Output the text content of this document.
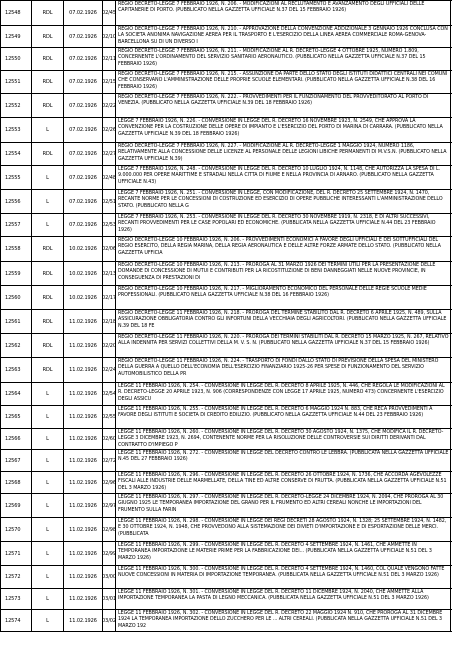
12548	RDL	07.02.1926	02/45
REGIO DECRETO-LEGGE 7 FEBBRAIO 1926, N. 206. - MODIFICAZIONI AL RECLUTAMENTO E AVANZAMENTO DEGLI UFFICIALI DELLE CAPITANERIE DI PORTO. (PUBBLICATO NELLA GAZZETTA UFFICIALE N.37 DEL 15 FEBBRAIO 1926)
12549	RDL	07.02.1926	02/10
REGIO DECRETO-LEGGE 7 FEBBRAIO 1926, N. 210. - APPROVAZIONE DELLA CONVENZIONE ADDIZIONALE 3 GENNAIO 1926 CONCLUSA CON LA SOCIETA ANONIMA NAVIGAZIONE AEREA PER IL TRASPORTO E L'ESERCIZIO DELLA LINEA AEREA COMMERCIALE ROMA-GENOVA-BARCELLONA SU DI UN DIVERSO I
12550	RDL	07.02.1926	02/11
REGIO DECRETO-LEGGE 7 FEBBRAIO 1926, N. 211. - MODIFICAZIONE AL R. DECRETO-LEGGE 4 OTTOBRE 1925, NUMERO 1.809, CONCERNENTE L'ORDINAMENTO DEL SERVIZIO SANITARIO AERONAUTICO. (PUBBLICATO NELLA GAZZETTA UFFICIALE N.37 DEL 15 FEBBRAIO 1926)
12551	RDL	07.02.1926	02/15
REGIO DECRETO-LEGGE 7 FEBBRAIO 1926, N. 215. - ASSUNZIONE DA PARTE DELLO STATO DEGLI ISTITUTI DIDATTICI CENTRALI NEI COMUNI CHE CONSERVANO L'AMMINISTRAZIONE DELLE PROPRIE SCUOLE ELEMENTARI. (PUBBLICATO NELLA GAZZETTA UFFICIALE N.38 DEL 16 FEBBRAIO 1926)
12552	RDL	07.02.1926	02/22
REGIO DECRETO-LEGGE 7 FEBBRAIO 1926, N. 222. - PROVVEDIMENTI PER IL FUNZIONAMENTO DEL PROVVEDITORATO AL PORTO DI VENEZIA. (PUBBLICATO NELLA GAZZETTA UFFICIALE N.39 DEL 18 FEBBRAIO 1926)
12553	L	07.02.1926	02/26
LEGGE 7 FEBBRAIO 1926, N. 226. - CONVERSIONE IN LEGGE DEL R. DECRETO 16 NOVEMBRE 1923, N. 2549, CHE APPROVA LA CONVENZIONE PER LA COSTRUZIONE DELLE OPERE DI IMPIANTO E L'ESERCIZIO DEL PORTO DI MARINA DI CARRARA. (PUBBLICATO NELLA GAZZETTA UFFICIALE N.39 DEL 18 FEBBRAIO 1926)
12554	RDL	07.02.1926	02/27
REGIO DECRETO-LEGGE 7 FEBBRAIO 1926, N. 227. - MODIFICAZIONE AL R. DECRETO-LEGGE 1 MAGGIO 1924, NUMERO 1186, RELATIVAMENTE ALLA CONCESSIONE DELLE LICENZE AL PERSONALE DELLE LEGIONI LIBICHE PERMANENTI DI M.V.S.N. (PUBBLICATO NELLA GAZZETTA UFFICIALE N.39)
12555	L	07.02.1926	02/48
LEGGE 7 FEBBRAIO 1926, N. 248. - CONVERSIONE IN LEGGE DEL R. DECRETO 10 LUGLIO 1924, N. 1148, CHE AUTORIZZA LA SPESA DI L. 9.000.000 PER OPERE MARITTIME E STRADALI NELLA CITTA DI FIUME E NELLA PROVINCIA DI ARNARO. (PUBBLICATO NELLA GAZZETTA UFFICIALE N.43)
12556	L	07.02.1926	02/51
LEGGE 7 FEBBRAIO 1926, N. 251. - CONVERSIONE IN LEGGE, CON MODIFICAZIONE, DEL R. DECRETO 25 SETTEMBRE 1924, N. 1470, RECANTE NORME PER LE CONCESSIONI DI COSTRUZIONE ED ESERCIZIO DI OPERE PUBBLICHE INTERESSANTI L'AMMINISTRAZIONE DELLO STATO. (PUBBLICATO NELLA G
12557	L	07.02.1926	02/53
LEGGE 7 FEBBRAIO 1926, N. 253. - CONVERSIONE IN LEGGE DEL R. DECRETO 30 NOVEMBRE 1919, N. 2318, E DI ALTRI SUCCESSIVI, RECANTI PROVVEDIMENTI PER LE CASE POPOLARI ED ECONOMICHE. (PUBBLICATA NELLA GAZZETTA UFFICIALE N.44 DEL 23 FEBBRAIO 1926)
12558	RDL	10.02.1926	02/06
REGIO DECRETO-LEGGE 10 FEBBRAIO 1926, N. 206. - PROVVEDIMENTI ECONOMICI A FAVORE DEGLI UFFICIALI E DEI SOTTUFFICIALI DEL REGIO ESERCITO, DELLA REGIA MARINA, DELLA REGIA AERONAUTICA E DELLE ALTRE FORZE ARMATE DELLO STATO. (PUBBLICATO NELLA GAZZETTA UFFICIA
12559	RDL	10.02.1926	02/13
REGIO DECRETO-LEGGE 10 FEBBRAIO 1926, N. 213. - PROROGA AL 31 MARZO 1926 DEI TERMINI UTILI PER LA PRESENTAZIONE DELLE DOMANDE DI CONCESSIONE DI MUTUI E CONTRIBUTI PER LA RICOSTITUZIONE DI BENI DANNEGGIATI NELLE NUOVE PROVINCIE, IN CONSEGUENZA DI PRESTAZIONI DI
12560	RDL	10.02.1926	02/17
REGIO DECRETO-LEGGE 10 FEBBRAIO 1926, N. 217. - MIGLIORAMENTO ECONOMICO DEL PERSONALE DELLE REGIE SCUOLE MEDIE PROFESSIONALI. (PUBBLICATO NELLA GAZZETTA UFFICIALE N.38 DEL 16 FEBBRAIO 1926)
12561	RDL	11.02.1926	02/18
REGIO DECRETO-LEGGE 11 FEBBRAIO 1926, N. 218. - PROROGA DEL TERMINE STABILITO DAL R. DECRETO 6 APRILE 1925, N. 489, SULLA ASSICURAZIONE OBBLIGATORIA CONTRO GLI INFORTUNI DELLA VECCHIAIA DEGLI AGRICOLTORI. (PUBBLICATO NELLA GAZZETTA UFFICIALE N.39 DEL 18 FE
12562	RDL	11.02.1926	02/20
REGIO DECRETO-LEGGE 11 FEBBRAIO 1926, N. 220. - PROROGA DEI TERMINI STABILITI DAL R. DECRETO 15 MARZO 1925, N. 267, RELATIVO ALLA INDENNITA PER SERVIZI COLLETTIVI DELLA M. V. S. N. (PUBBLICATO NELLA GAZZETTA UFFICIALE N.37 DEL 15 FEBBRAIO 1926)
12563	RDL	11.02.1926	02/24
REGIO DECRETO-LEGGE 11 FEBBRAIO 1926, N. 224. - TRASPORTO DI FONDI DALLO STATO DI PREVISIONE DELLA SPESA DEL MINISTERO DELLA GUERRA A QUELLO DELL'ECONOMIA DELL'ESERCIZIO FINANZIARIO 1925-26 PER SPESE DI FUNZIONAMENTO DEL SERVIZIO AUTOMOBILISTICO DELLA PR
12564	L	11.02.1926	02/54
LEGGE 11 FEBBRAIO 1926, N. 254. - CONVERSIONE IN LEGGE DEL R. DECRETO 8 APRILE 1925, N. 446, CHE REGOLA LE MODIFICAZIONI AL R. DECRETO-LEGGE 20 APRILE 1923, N. 906 (CORRESPONDENZE CON LEGGE 17 APRILE 1925, NUMERO 473) CONCERNENTE L'ESERCIZIO DEGLI ASSICU
12565	L	11.02.1926	02/55
LEGGE 11 FEBBRAIO 1926, N. 255. - CONVERSIONE IN LEGGE DEL R. DECRETO 6 MAGGIO 1924 N. 883, CHE RECA PROVVEDIMENTI A FAVORE DEGLI ISTITUTI E SOCIETA DI CREDITO EDILIZIO. (PUBBLICATO NELLA GAZZETTA UFFICIALE N.44 DEL 23 FEBBRAIO 1926)
12566	L	11.02.1926	02/60
LEGGE 11 FEBBRAIO 1926, N. 260. - CONVERSIONE IN LEGGE DEL R. DECRETO 30 AGOSTO 1924, N. 1375, CHE MODIFICA IL R. DECRETO-LEGGE 3 DICEMBRE 1923, N. 2694, CONTENENTE NORME PER LA RISOLUZIONE DELLE CONTROVERSIE SUI DIRITTI DERIVANTI DAL CONTRATTO D'IMPIEGO P
12567	L	11.02.1926	02/72
LEGGE 11 FEBBRAIO 1926, N. 272. - CONVERSIONE IN LEGGE DEL DECRETO CONTRO LE LEBBRA. (PUBBLICATA NELLA GAZZETTA UFFICIALE N.45 DEL 27 FEBBRAIO 1926)
12568	L	11.02.1926	02/96
LEGGE 11 FEBBRAIO 1926, N. 296. - CONVERSIONE IN LEGGE DEL R. DECRETO 26 OTTOBRE 1924, N. 1736, CHE ACCORDA AGEVOLEZZE FISCALI ALLE INDUSTRIE DELLE MARMELLATE, DELLA TINE ED ALTRE CONSERVE DI FRUTTA. (PUBBLICATA NELLA GAZZETTA UFFICIALE N.51 DEL 3 MARZO 1926)
12569	L	11.02.1926	02/97
LEGGE 11 FEBBRAIO 1926, N. 297. - CONVERSIONE IN LEGGE DEL R. DECRETO-LEGGE 24 DICEMBRE 1924, N. 2094, CHE PROROGA AL 30 GIUGNO 1925 LE TEMPORANEA IMPORTAZIONE DEL GRANO PER IL FRUMENTO ED ALTRI CEREALI NONCHE LE IMPORTAZIONI DEL FRUMENTO SULLA FARIN
12570	L	11.02.1926	02/98
LEGGE 11 FEBBRAIO 1926, N. 298. - CONVERSIONE IN LEGGE DEI REGI DECRETI 28 AGOSTO 1924, N. 1328; 25 SETTEMBRE 1924, N. 1482, E 30 OTTOBRE 1924, N. 1948, CHE PROVVEDONO ALLA SISTEMAZIONE DEI DIVIETI D'IMPORTAZIONE E DI ESPORTAZIONE DELLE MERCI. (PUBBLICATA
12571	L	11.02.1926	02/99
LEGGE 11 FEBBRAIO 1926, N. 299. - CONVERSIONE IN LEGGE DEL R. DECRETO 4 SETTEMBRE 1924, N. 1461, CHE AMMETTE IN TEMPORANEA IMPORTAZIONE LE MATERIE PRIME PER LA FABBRICAZIONE DEI... (PUBBLICATA NELLA GAZZETTA UFFICIALE N.51 DEL 3 MARZO 1926)
12572	L	11.02.1926	03/00
LEGGE 11 FEBBRAIO 1926, N. 300. - CONVERSIONE IN LEGGE DEL R. DECRETO 4 SETTEMBRE 1924, N. 1460, COL QUALE VENGONO FATTE NUOVE CONCESSIONI IN MATERIA DI IMPORTAZIONE TEMPORANEA. (PUBBLICATA NELLA GAZZETTA UFFICIALE N.51 DEL 3 MARZO 1926)
12573	L	11.02.1926	03/01
LEGGE 11 FEBBRAIO 1926, N. 301. - CONVERSIONE IN LEGGE DEL R. DECRETO 11 DICEMBRE 1924, N. 2040, CHE AMMETTE ALLA IMPORTAZIONE TEMPORANEA LA PASTA DI LEGNO MECCANICA. (PUBBLICATA NELLA GAZZETTA UFFICIALE N.51 DEL 3 MARZO 1926)
12574	L	11.02.1926	03/02
LEGGE 11 FEBBRAIO 1926, N. 302. - CONVERSIONE IN LEGGE DEL R. DECRETO 22 MAGGIO 1924 N. 910, CHE PROROGA AL 31 DICEMBRE 1924 LA TEMPORANEA IMPORTAZIONE DELLO ZUCCHERO PER LE ... ALTRI CEREALI. (PUBBLICATA NELLA GAZZETTA UFFICIALE N.51 DEL 3 MARZO 192
